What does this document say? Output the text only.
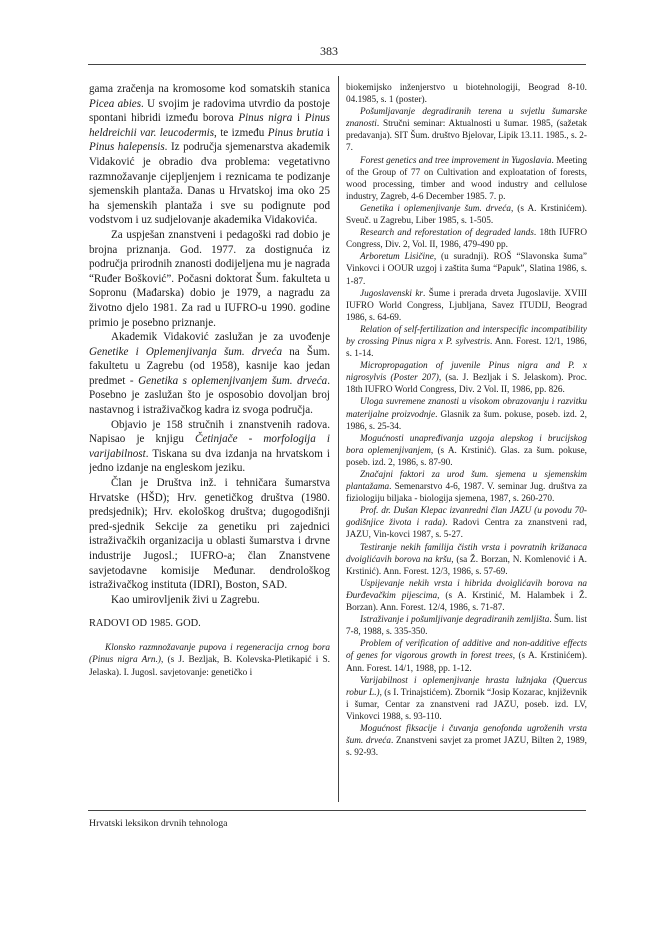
383

gama zračenja na kromosome kod somatskih stanica Picea abies. U svojim je radovima utvrdio da postoje spontani hibridi između borova Pinus nigra i Pinus heldreichii var. leucodermis, te između Pinus brutia i Pinus halepensis. Iz područja sjemenarstva akademik Vidaković je obradio dva problema: vegetativno razmnožavanje cijepljenjem i reznicama te podizanje sjemenskih plantaža. Danas u Hrvatskoj ima oko 25 ha sjemenskih plantaža i sve su podignute pod vodstvom i uz sudjelovanje akademika Vidakovića.

Za uspješan znanstveni i pedagoški rad dobio je brojna priznanja. God. 1977. za dostignuća iz područja prirodnih znanosti dodijeljena mu je nagrada “Ruđer Bošković”. Počasni doktorat Šum. fakulteta u Sopronu (Mađarska) dobio je 1979, a nagradu za životno djelo 1981. Za rad u IUFRO-u 1990. godine primio je posebno priznanje.

Akademik Vidaković zaslužan je za uvođenje Genetike i Oplemenjivanja šum. drveća na Šum. fakultetu u Zagrebu (od 1958), kasnije kao jedan predmet - Genetika s oplemenjivanjem šum. drveća. Posebno je zaslužan što je osposobio dovoljan broj nastavnog i istraživačkog kadra iz svoga područja.

Objavio je 158 stručnih i znanstvenih radova. Napisao je knjigu Četinjače - morfologija i varijabilnost. Tiskana su dva izdanja na hrvatskom i jedno izdanje na engleskom jeziku.

Član je Društva inž. i tehničara šumarstva Hrvatske (HŠD); Hrv. genetičkog društva (1980. predsjednik); Hrv. ekološkog društva; dugogodišnji pred-sjednik Sekcije za genetiku pri zajednici istraživačkih organizacija u oblasti šumarstva i drvne industrije Jugosl.; IUFRO-a; član Znanstvene savjetodavne komisije Međunar. dendrološkog istraživačkog instituta (IDRI), Boston, SAD.

Kao umirovljenik živi u Zagrebu.

RADOVI OD 1985. GOD.

Klonsko razmnožavanje pupova i regeneracija crnog bora (Pinus nigra Arn.), (s J. Bezljak, B. Kolevska-Pletikapić i S. Jelaska). I. Jugosl. savjetovanje: genetičko i

biokemijsko inženjerstvo u biotehnologiji, Beograd 8-10. 04.1985, s. 1 (poster).

Pošumljavanje degradiranih terena u svjetlu šumarske znanosti. Stručni seminar: Aktualnosti u šumar. 1985, (sažetak predavanja). SIT Šum. društvo Bjelovar, Lipik 13.11. 1985., s. 2-7.

Forest genetics and tree improvement in Yugoslavia. Meeting of the Group of 77 on Cultivation and exploatation of forests, wood processing, timber and wood industry and cellulose industry, Zagreb, 4-6 December 1985. 7. p.

Genetika i oplemenjivanje šum. drveća, (s A. Krstinićem). Sveuč. u Zagrebu, Liber 1985, s. 1-505.

Research and reforestation of degraded lands. 18th IUFRO Congress, Div. 2, Vol. II, 1986, 479-490 pp.

Arboretum Lisičine, (u suradnji). ROŠ “Slavonska šuma” Vinkovci i OOUR uzgoj i zaštita šuma “Papuk”, Slatina 1986, s. 1-87.

Jugoslavenski kr. Šume i prerada drveta Jugoslavije. XVIII IUFRO World Congress, Ljubljana, Savez ITUDIJ, Beograd 1986, s. 64-69.

Relation of self-fertilization and interspecific incompatibility by crossing Pinus nigra x P. sylvestris. Ann. Forest. 12/1, 1986, s. 1-14.

Micropropagation of juvenile Pinus nigra and P. x nigrosylvis (Poster 207), (sa. J. Bezljak i S. Jelaskom). Proc. 18th IUFRO World Congress, Div. 2 Vol. II, 1986, pp. 826.

Uloga suvremene znanosti u visokom obrazovanju i razvitku materijalne proizvodnje. Glasnik za šum. pokuse, poseb. izd. 2, 1986, s. 25-34.

Mogućnosti unapređivanja uzgoja alepskog i brucijskog bora oplemenjivanjem, (s A. Krstinić). Glas. za šum. pokuse, poseb. izd. 2, 1986, s. 87-90.

Značajni faktori za urod šum. sjemena u sjemenskim plantažama. Semenarstvo 4-6, 1987. V. seminar Jug. društva za fiziologiju biljaka - biologija sjemena, 1987, s. 260-270.

Prof. dr. Dušan Klepac izvanredni član JAZU (u povodu 70-godišnjice života i rada). Radovi Centra za znanstveni rad, JAZU, Vin-kovci 1987, s. 5-27.

Testiranje nekih familija čistih vrsta i povratnih križanaca dvoiglićavih borova na kršu, (sa Ž. Borzan, N. Komlenović i A. Krstinić). Ann. Forest. 12/3, 1986, s. 57-69.

Uspijevanje nekih vrsta i hibrida dvoiglićavih borova na Đurđevačkim pijescima, (s A. Krstinić, M. Halambek i Ž. Borzan). Ann. Forest. 12/4, 1986, s. 71-87.

Istraživanje i pošumljivanje degradiranih zemljišta. Šum. list 7-8, 1988, s. 335-350.

Problem of verification of additive and non-additive effects of genes for vigorous growth in forest trees, (s A. Krstinićem). Ann. Forest. 14/1, 1988, pp. 1-12.

Varijabilnost i oplemenjivanje hrasta lužnjaka (Quercus robur L.), (s I. Trinajstićem). Zbornik “Josip Kozarac, književnik i šumar, Centar za znanstveni rad JAZU, poseb. izd. LV, Vinkovci 1988, s. 93-110.

Mogućnost fiksacije i čuvanja genofonda ugroženih vrsta šum. drveća. Znanstveni savjet za promet JAZU, Bilten 2, 1989, s. 92-93.

Hrvatski leksikon drvnih tehnologa
